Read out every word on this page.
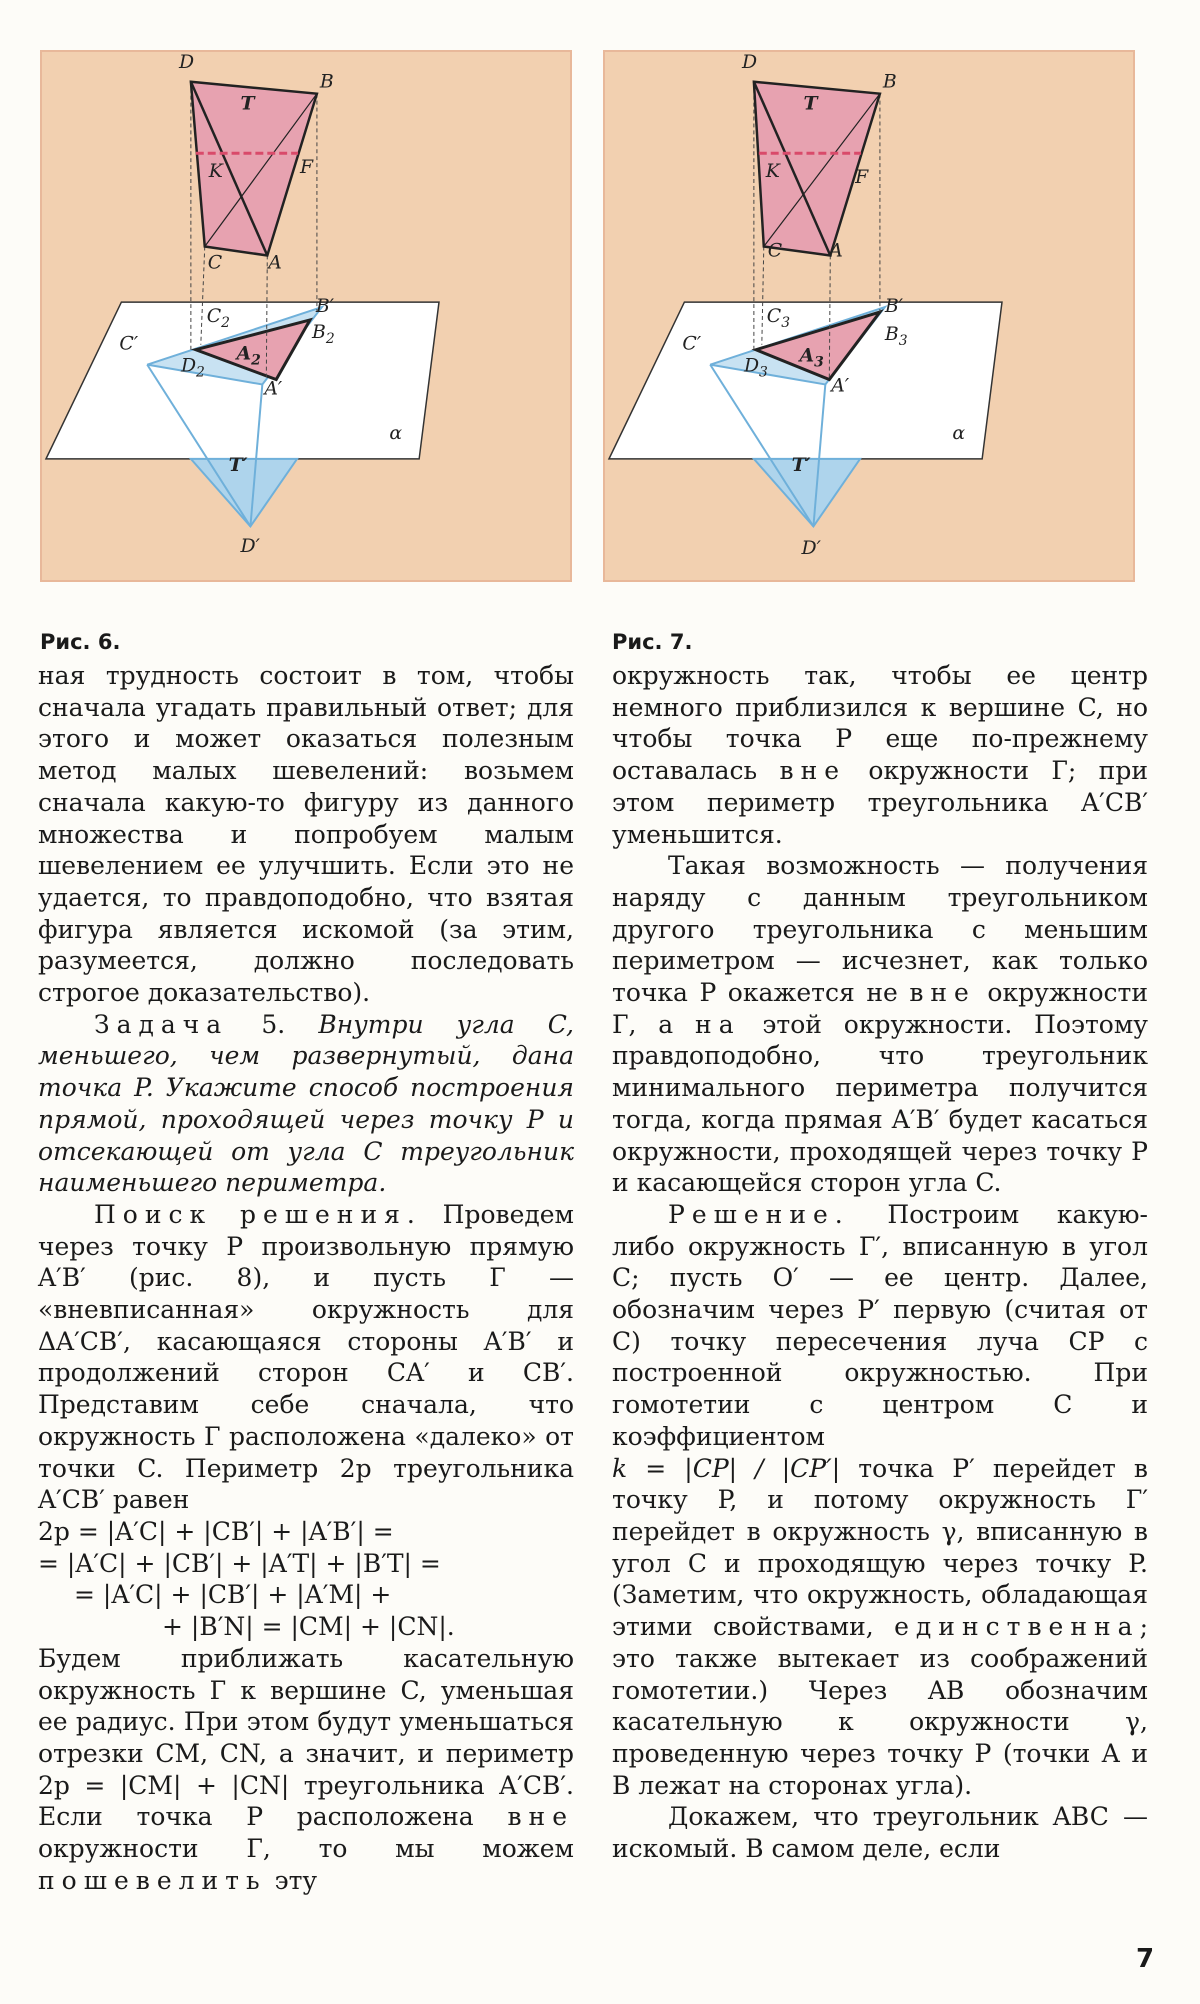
D
B
T
K	F
C A
$C_2$
B′
$B_2$
C′	$A_2$
$D_2$
A′
α
T′
D′
D
B
T
K	F
C A
$C_3$
B′
$B_3$
C′
$A_3$
$D_3$
A′
α
T′
D′
Рис. 6.	Рис. 7.

ная трудность состоит в том, чтобы сначала угадать правильный ответ; для этого и может оказаться полезным метод малых шевелений: возьмем сначала какую-то фигуру из данного множества и попробуем малым шевелением ее улучшить. Если это не удается, то правдоподобно, что взятая фигура является искомой (за этим, разумеется, должно последовать строгое доказательство).

Задача 5. Внутри угла C, меньшего, чем развернутый, дана точка P. Укажите способ построения прямой, проходящей через точку P и отсекающей от угла C треугольник наименьшего периметра.

Поиск решения. Проведем через точку P произвольную прямую A′B′ (рис. 8), и пусть Г — «вневписанная» окружность для ΔA′CB′, касающаяся стороны A′B′ и продолжений сторон CA′ и CB′. Представим себе сначала, что окружность Г расположена «далеко» от точки C. Периметр 2p треугольника A′CB′ равен

2p = |A′C| + |CB′| + |A′B′| =

= |A′C| + |CB′| + |A′T| + |B′T| =

= |A′C| + |CB′| + |A′M| +

+ |B′N| = |CM| + |CN|.

Будем приближать касательную окружность Г к вершине C, уменьшая ее радиус. При этом будут уменьшаться отрезки CM, CN, а значит, и периметр 2p = |CM| + |CN| треугольника A′CB′. Если точка P расположена вне окружности Г, то мы можем пошевелить эту

окружность так, чтобы ее центр немного приблизился к вершине C, но чтобы точка P еще по-прежнему оставалась вне окружности Г; при этом периметр треугольника A′CB′ уменьшится.

Такая возможность — получения наряду с данным треугольником другого треугольника с меньшим периметром — исчезнет, как только точка P окажется не вне окружности Г, а на этой окружности. Поэтому правдоподобно, что треугольник минимального периметра получится тогда, когда прямая A′B′ будет касаться окружности, проходящей через точку P и касающейся сторон угла C.

Решение. Построим какую-либо окружность Г′, вписанную в угол C; пусть O′ — ее центр. Далее, обозначим через P′ первую (считая от C) точку пересечения луча CP с построенной окружностью. При гомотетии с центром C и коэффициентом

k = |CP| / |CP′| точка P′ перейдет в точку P, и потому окружность Г′ перейдет в окружность γ, вписанную в угол C и проходящую через точку P. (Заметим, что окружность, обладающая этими свойствами, единственна; это также вытекает из соображений гомотетии.) Через AB обозначим касательную к окружности γ, проведенную через точку P (точки A и B лежат на сторонах угла).

Докажем, что треугольник ABC — искомый. В самом деле, если

7
